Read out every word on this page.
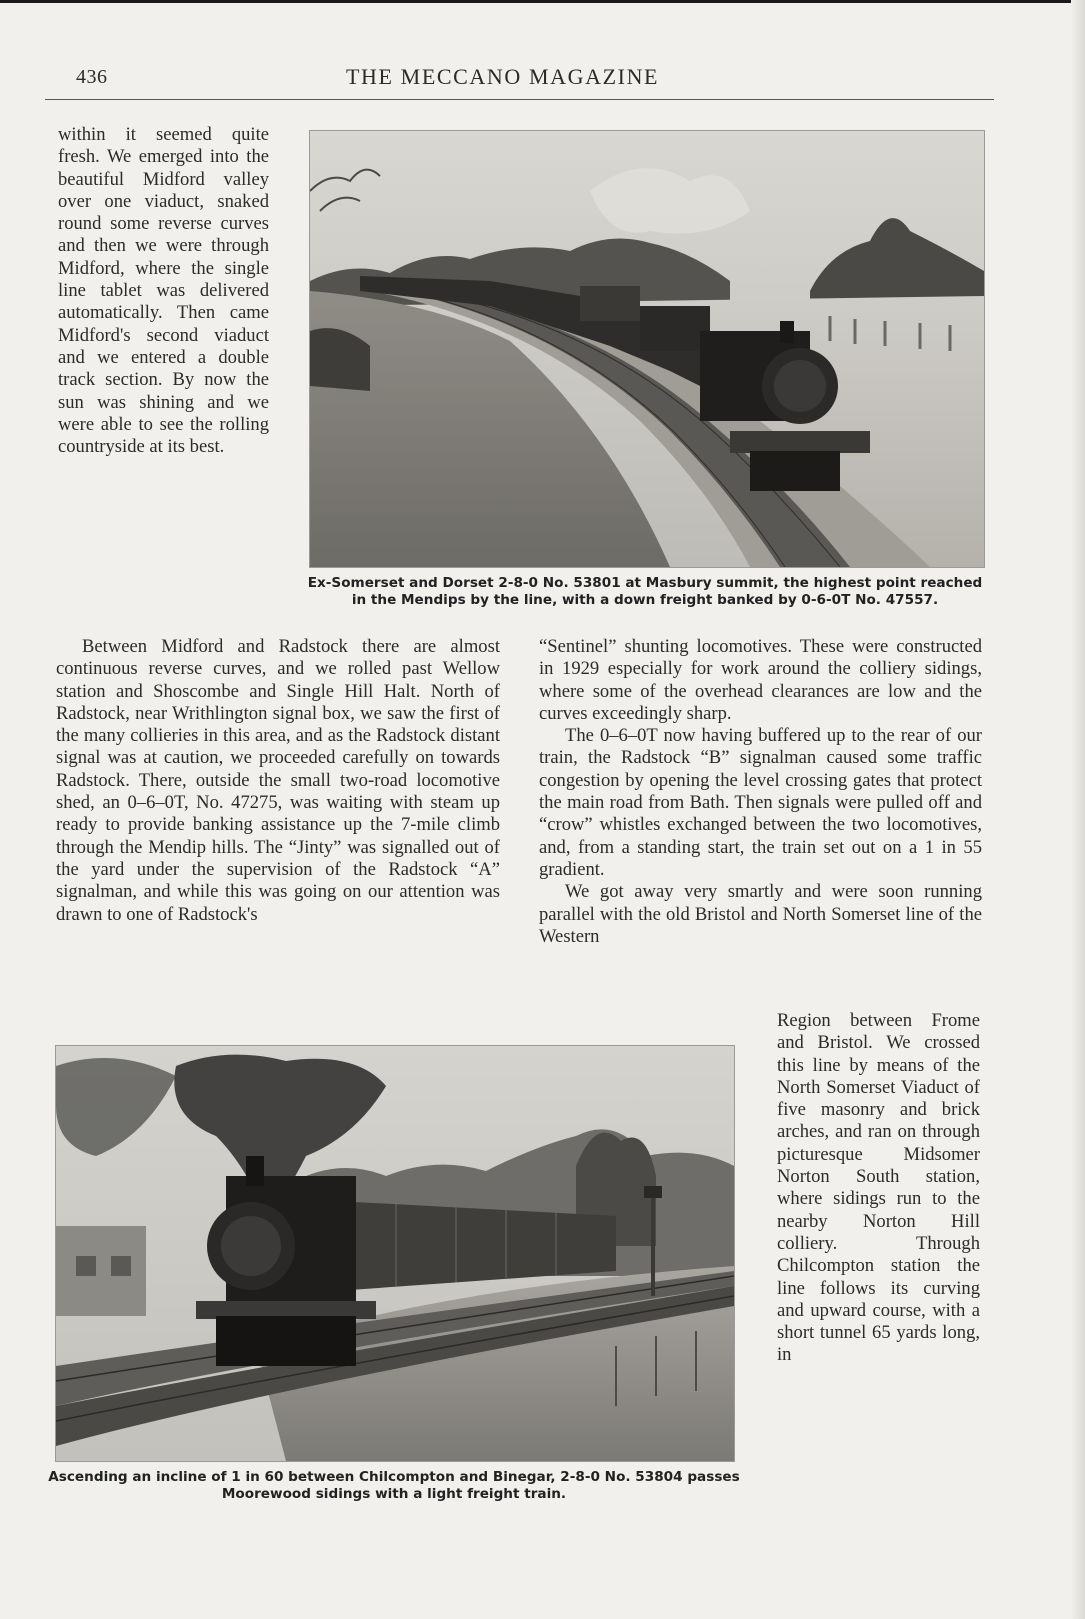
436	THE MECCANO MAGAZINE

within it seemed quite fresh. We emerged into the beautiful Midford valley over one viaduct, snaked round some reverse curves and then we were through Midford, where the single line tablet was delivered automatically. Then came Midford's second viaduct and we entered a double track section. By now the sun was shining and we were able to see the rolling countryside at its best.

Between Midford and Radstock there are almost continuous reverse curves, and we rolled past Wellow station and Shoscombe and Single Hill Halt. North of Radstock, near Writhlington signal box, we saw the first of the many collieries in this area, and as the Radstock distant signal was at caution, we proceeded carefully on towards Radstock. There, outside the small two-road locomotive shed, an 0–6–0T, No. 47275, was waiting with steam up ready to provide banking assistance up the 7-mile climb through the Mendip hills. The “Jinty” was signalled out of the yard under the supervision of the Radstock “A” signalman, and while this was going on our attention was drawn to one of Radstock's

“Sentinel” shunting locomotives. These were constructed in 1929 especially for work around the colliery sidings, where some of the overhead clearances are low and the curves exceedingly sharp.

The 0–6–0T now having buffered up to the rear of our train, the Radstock “B” signalman caused some traffic congestion by opening the level crossing gates that protect the main road from Bath. Then signals were pulled off and “crow” whistles exchanged between the two locomotives, and, from a standing start, the train set out on a 1 in 55 gradient.

We got away very smartly and were soon running parallel with the old Bristol and North Somerset line of the Western

Region between Frome and Bristol. We crossed this line by means of the North Somerset Viaduct of five masonry and brick arches, and ran on through picturesque Midsomer Norton South station, where sidings run to the nearby Norton Hill colliery. Through Chilcompton station the line follows its curving and upward course, with a short tunnel 65 yards long, in

Ex-Somerset and Dorset 2-8-0 No. 53801 at Masbury summit, the highest point reached in the Mendips by the line, with a down freight banked by 0-6-0T No. 47557.
Ascending an incline of 1 in 60 between Chilcompton and Binegar, 2-8-0 No. 53804 passes Moorewood sidings with a light freight train.
